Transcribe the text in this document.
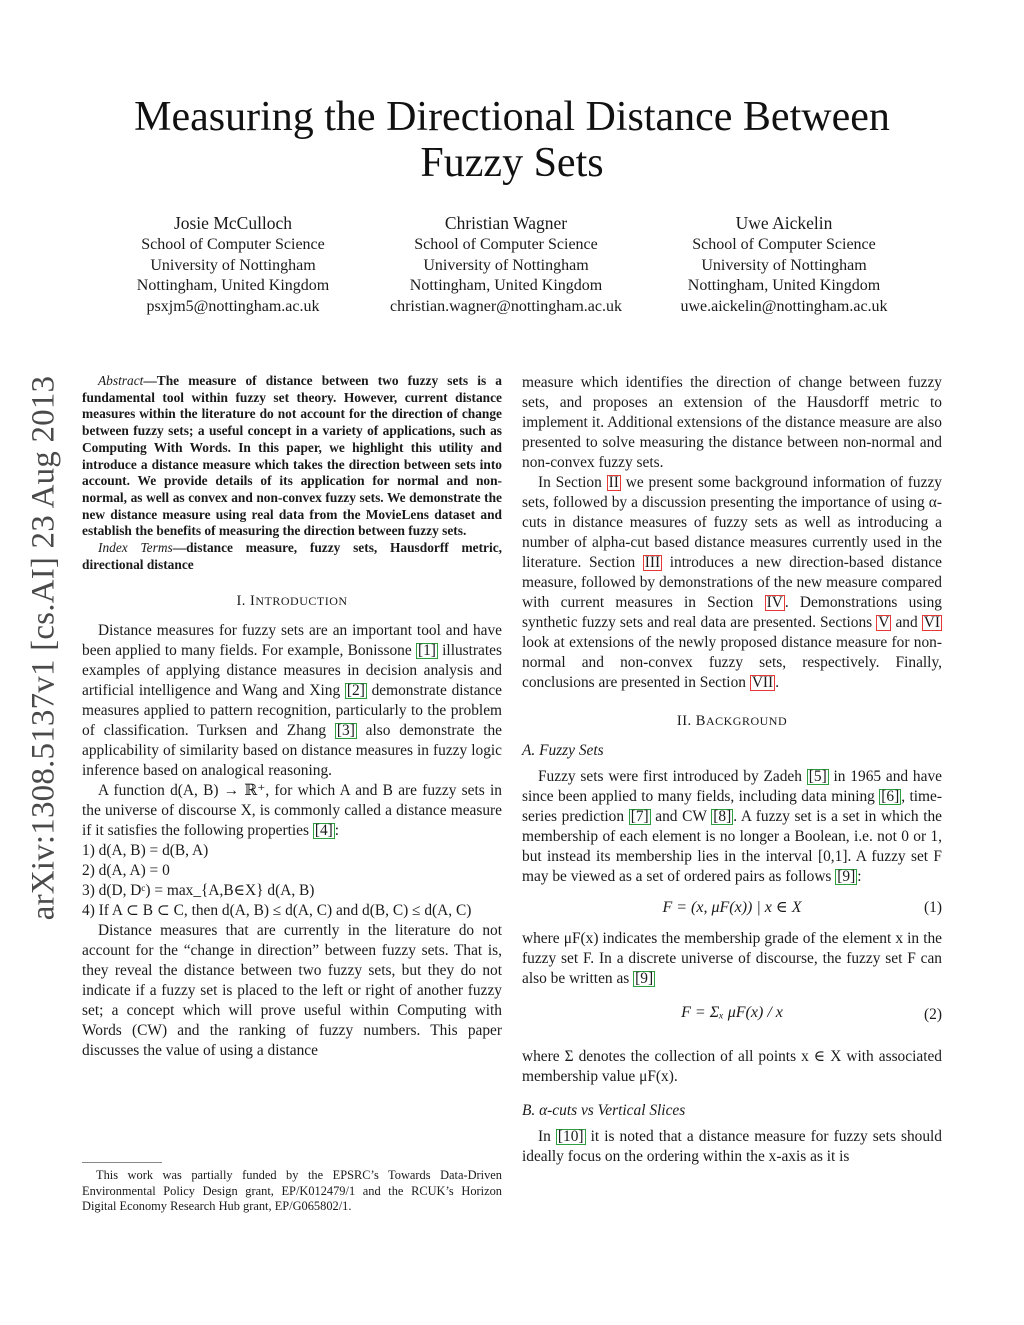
Measuring the Directional Distance Between Fuzzy Sets
Josie McCulloch
School of Computer Science
University of Nottingham
Nottingham, United Kingdom
psxjm5@nottingham.ac.uk
Christian Wagner
School of Computer Science
University of Nottingham
Nottingham, United Kingdom
christian.wagner@nottingham.ac.uk
Uwe Aickelin
School of Computer Science
University of Nottingham
Nottingham, United Kingdom
uwe.aickelin@nottingham.ac.uk
arXiv:1308.5137v1 [cs.AI] 23 Aug 2013	Abstract—The measure of distance between two fuzzy sets is a fundamental tool within fuzzy set theory. However, current distance measures within the literature do not account for the direction of change between fuzzy sets; a useful concept in a variety of applications, such as Computing With Words. In this paper, we highlight this utility and introduce a distance measure which takes the direction between sets into account. We provide details of its application for normal and non-normal, as well as convex and non-convex fuzzy sets. We demonstrate the new distance measure using real data from the MovieLens dataset and establish the benefits of measuring the direction between fuzzy sets.

Index Terms—distance measure, fuzzy sets, Hausdorff metric, directional distance

I. INTRODUCTION

Distance measures for fuzzy sets are an important tool and have been applied to many fields. For example, Bonissone [1] illustrates examples of applying distance measures in decision analysis and artificial intelligence and Wang and Xing [2] demonstrate distance measures applied to pattern recognition, particularly to the problem of classification. Turksen and Zhang [3] also demonstrate the applicability of similarity based on distance measures in fuzzy logic inference based on analogical reasoning.

A function d(A, B) → ℝ⁺, for which A and B are fuzzy sets in the universe of discourse X, is commonly called a distance measure if it satisfies the following properties [4] :

1) d(A, B) = d(B, A)
2) d(A, A) = 0
3) d(D, Dᶜ) = max_{A,B∈X} d(A, B)
4) If A ⊂ B ⊂ C, then d(A, B) ≤ d(A, C) and d(B, C) ≤ d(A, C)

Distance measures that are currently in the literature do not account for the “change in direction” between fuzzy sets. That is, they reveal the distance between two fuzzy sets, but they do not indicate if a fuzzy set is placed to the left or right of another fuzzy set; a concept which will prove useful within Computing with Words (CW) and the ranking of fuzzy numbers. This paper discusses the value of using a distance

This work was partially funded by the EPSRC’s Towards Data-Driven Environmental Policy Design grant, EP/K012479/1 and the RCUK’s Horizon Digital Economy Research Hub grant, EP/G065802/1.

measure which identifies the direction of change between fuzzy sets, and proposes an extension of the Hausdorff metric to implement it. Additional extensions of the distance measure are also presented to solve measuring the distance between non-normal and non-convex fuzzy sets.

In Section II we present some background information of fuzzy sets, followed by a discussion presenting the importance of using α-cuts in distance measures of fuzzy sets as well as introducing a number of alpha-cut based distance measures currently used in the literature. Section III introduces a new direction-based distance measure, followed by demonstrations of the new measure compared with current measures in Section IV . Demonstrations using synthetic fuzzy sets and real data are presented. Sections V and VI look at extensions of the newly proposed distance measure for non-normal and non-convex fuzzy sets, respectively. Finally, conclusions are presented in Section VII .

II. BACKGROUND
A. Fuzzy Sets

Fuzzy sets were first introduced by Zadeh [5] in 1965 and have since been applied to many fields, including data mining [6] , time-series prediction [7] and CW [8] . A fuzzy set is a set in which the membership of each element is no longer a Boolean, i.e. not 0 or 1, but instead its membership lies in the interval [0,1]. A fuzzy set F may be viewed as a set of ordered pairs as follows [9] :

F = (x, μF(x)) | x ∈ X	(1)

where μF(x) indicates the membership grade of the element x in the fuzzy set F. In a discrete universe of discourse, the fuzzy set F can also be written as [9]

F = Σₓ μF(x) / x	(2)

where Σ denotes the collection of all points x ∈ X with associated membership value μF(x).

B. α-cuts vs Vertical Slices

In [10] it is noted that a distance measure for fuzzy sets should ideally focus on the ordering within the x-axis as it is
